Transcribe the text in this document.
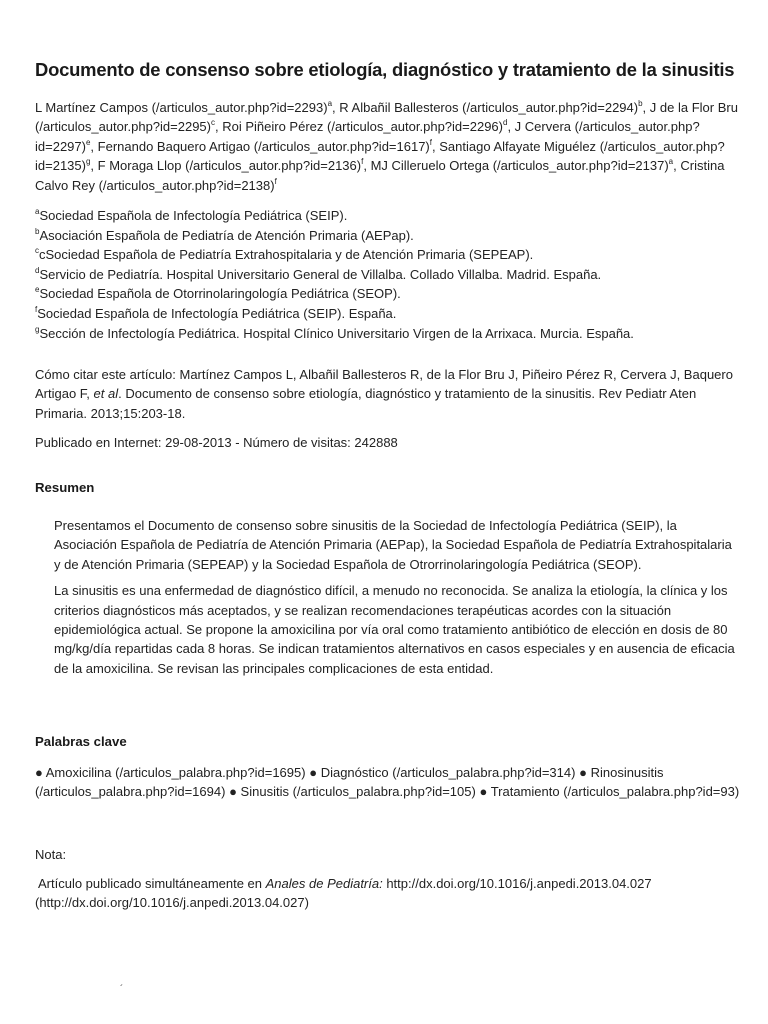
Documento de consenso sobre etiología, diagnóstico y tratamiento de la sinusitis
L Martínez Campos (/articulos_autor.php?id=2293)$^a$, R Albañil Ballesteros (/articulos_autor.php?id=2294)$^b$, J de la Flor Bru (/articulos_autor.php?id=2295)$^c$, Roi Piñeiro Pérez (/articulos_autor.php?id=2296)$^d$, J Cervera (/articulos_autor.php?id=2297)$^e$, Fernando Baquero Artigao (/articulos_autor.php?id=1617)$^f$, Santiago Alfayate Miguélez (/articulos_autor.php?id=2135)$^g$, F Moraga Llop (/articulos_autor.php?id=2136)$^f$, MJ Cilleruelo Ortega (/articulos_autor.php?id=2137)$^a$, Cristina Calvo Rey (/articulos_autor.php?id=2138)$^f$
$^a$Sociedad Española de Infectología Pediátrica (SEIP).
$^b$Asociación Española de Pediatría de Atención Primaria (AEPap).
$^c$cSociedad Española de Pediatría Extrahospitalaria y de Atención Primaria (SEPEAP).
$^d$Servicio de Pediatría. Hospital Universitario General de Villalba. Collado Villalba. Madrid. España.
$^e$Sociedad Española de Otorrinolaringología Pediátrica (SEOP).
$^f$Sociedad Española de Infectología Pediátrica (SEIP). España.
$^g$Sección de Infectología Pediátrica. Hospital Clínico Universitario Virgen de la Arrixaca. Murcia. España.
Cómo citar este artículo: Martínez Campos L, Albañil Ballesteros R, de la Flor Bru J, Piñeiro Pérez R, Cervera J, Baquero Artigao F, et al. Documento de consenso sobre etiología, diagnóstico y tratamiento de la sinusitis. Rev Pediatr Aten Primaria. 2013;15:203-18.
Publicado en Internet: 29-08-2013 - Número de visitas: 242888
Resumen

Presentamos el Documento de consenso sobre sinusitis de la Sociedad de Infectología Pediátrica (SEIP), la Asociación Española de Pediatría de Atención Primaria (AEPap), la Sociedad Española de Pediatría Extrahospitalaria y de Atención Primaria (SEPEAP) y la Sociedad Española de Otrorrinolaringología Pediátrica (SEOP).

La sinusitis es una enfermedad de diagnóstico difícil, a menudo no reconocida. Se analiza la etiología, la clínica y los criterios diagnósticos más aceptados, y se realizan recomendaciones terapéuticas acordes con la situación epidemiológica actual. Se propone la amoxicilina por vía oral como tratamiento antibiótico de elección en dosis de 80 mg/kg/día repartidas cada 8 horas. Se indican tratamientos alternativos en casos especiales y en ausencia de eficacia de la amoxicilina. Se revisan las principales complicaciones de esta entidad.

Palabras clave
● Amoxicilina (/articulos_palabra.php?id=1695) ● Diagnóstico (/articulos_palabra.php?id=314) ● Rinosinusitis (/articulos_palabra.php?id=1694) ● Sinusitis (/articulos_palabra.php?id=105) ● Tratamiento (/articulos_palabra.php?id=93)
Nota:
Artículo publicado simultáneamente en Anales de Pediatría: http://dx.doi.org/10.1016/j.anpedi.2013.04.027
(http://dx.doi.org/10.1016/j.anpedi.2013.04.027)
´
